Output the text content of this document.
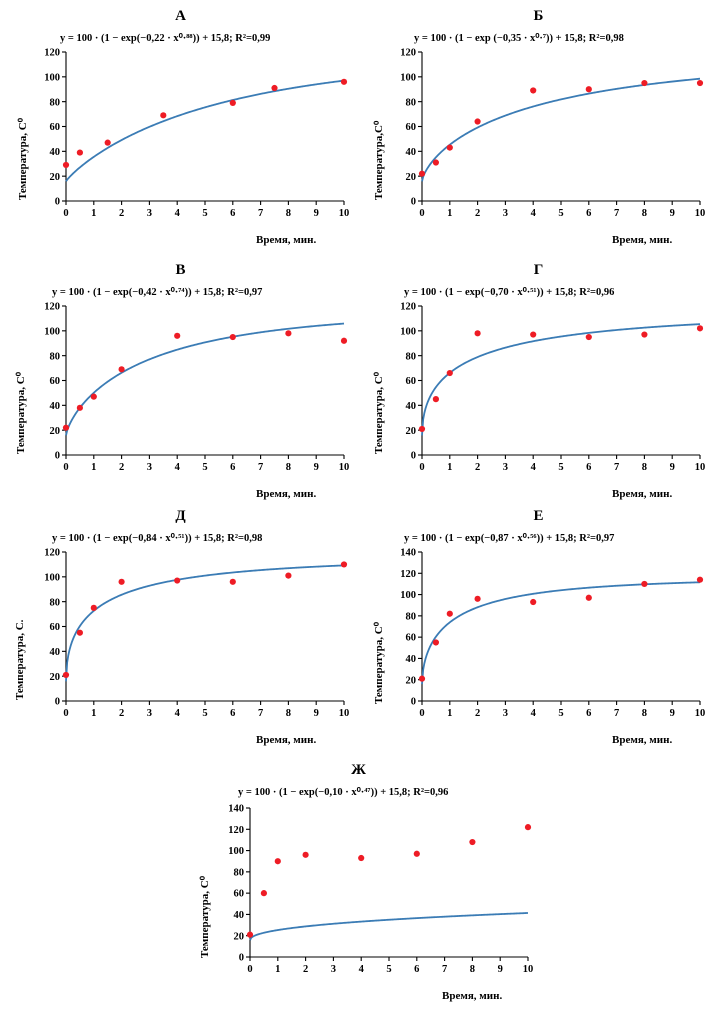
А
y = 100 · (1 − exp(−0,22 · x⁰·⁸⁸)) + 15,8; R²=0,99
Температура, С⁰
Время, мин.
0
20
40
60
80
100
120
0 1 2 3 4 5 6 7 8 9 10
Б
y = 100 · (1 − exp (−0,35 · x⁰·⁷)) + 15,8; R²=0,98
Температура,С⁰
Время, мин.
0
20
40
60
80
100
120
0 1 2 3 4 5 6 7 8 9 10
В
y = 100 · (1 − exp(−0,42 · x⁰·⁷⁴)) + 15,8; R²=0,97
Температура, С⁰
Время, мин.
0
20
40
60
80
100
120
0 1 2 3 4 5 6 7 8 9 10
Г
y = 100 · (1 − exp(−0,70 · x⁰·⁵¹)) + 15,8; R²=0,96
Температура, С⁰
Время, мин.
0
20
40
60
80
100
120
0 1 2 3 4 5 6 7 8 9 10
Д
y = 100 · (1 − exp(−0,84 · x⁰·⁵¹)) + 15,8; R²=0,98
Температура, С.
Время, мин.
0
20
40
60
80
100
120
0 1 2 3 4 5 6 7 8 9 10
Е
y = 100 · (1 − exp(−0,87 · x⁰·⁵⁶)) + 15,8; R²=0,97
Температура, С⁰
Время, мин.
0
20
40
60
80
100
120
140
0 1 2 3 4 5 6 7 8 9 10
Ж
y = 100 · (1 − exp(−0,10 · x⁰·⁴⁷)) + 15,8; R²=0,96
Температура, С⁰
Время, мин.
0
20
40
60
80
100
120
140
0 1 2 3 4 5 6 7 8 9 10
